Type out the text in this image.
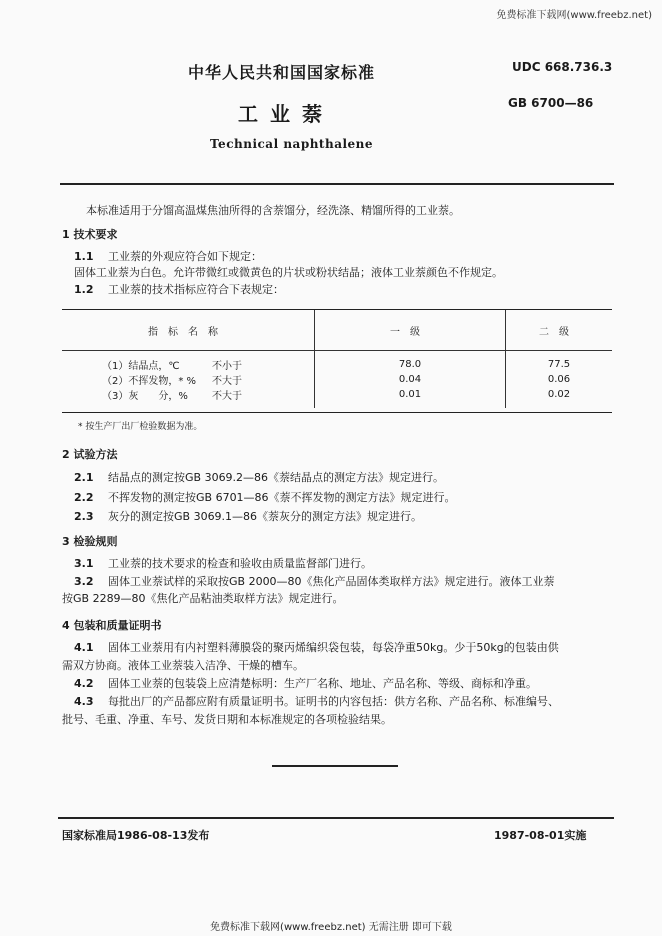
免费标准下载网(www.freebz.net)
中华人民共和国国家标准	UDC 668.736.3
工业萘	GB 6700—86
Technical naphthalene
本标准适用于分馏高温煤焦油所得的含萘馏分，经洗涤、精馏所得的工业萘。
1 技术要求
1.1 工业萘的外观应符合如下规定：
固体工业萘为白色。允许带微红或微黄色的片状或粉状结晶；液体工业萘颜色不作规定。
1.2 工业萘的技术指标应符合下表规定：
指标名称	一级	二级
（1）结晶点，℃ 不小于	78.0	77.5
（2）不挥发物，* % 不大于	0.04	0.06
（3）灰　　分，% 不大于	0.01	0.02
* 按生产厂出厂检验数据为准。
2 试验方法
2.1 结晶点的测定按GB 3069.2—86《萘结晶点的测定方法》规定进行。
2.2 不挥发物的测定按GB 6701—86《萘不挥发物的测定方法》规定进行。
2.3 灰分的测定按GB 3069.1—86《萘灰分的测定方法》规定进行。
3 检验规则
3.1 工业萘的技术要求的检查和验收由质量监督部门进行。
3.2 固体工业萘试样的采取按GB 2000—80《焦化产品固体类取样方法》规定进行。液体工业萘
按GB 2289—80《焦化产品粘油类取样方法》规定进行。
4 包装和质量证明书
4.1 固体工业萘用有内衬塑料薄膜袋的聚丙烯编织袋包装，每袋净重50kg。少于50kg的包装由供
需双方协商。液体工业萘装入洁净、干燥的槽车。
4.2 固体工业萘的包装袋上应清楚标明：生产厂名称、地址、产品名称、等级、商标和净重。
4.3 每批出厂的产品都应附有质量证明书。证明书的内容包括：供方名称、产品名称、标准编号、
批号、毛重、净重、车号、发货日期和本标准规定的各项检验结果。
国家标准局1986-08-13发布	1987-08-01实施
免费标准下载网(www.freebz.net) 无需注册 即可下载
